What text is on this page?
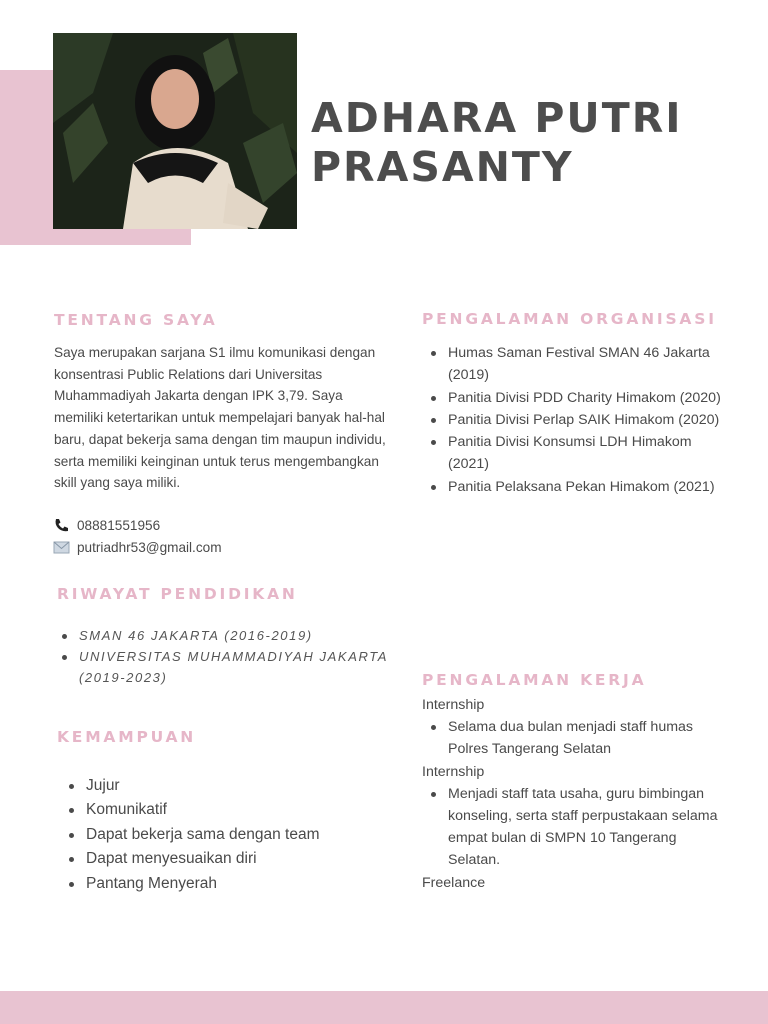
ADHARA PUTRI
PRASANTY
TENTANG SAYA

Saya merupakan sarjana S1 ilmu komunikasi dengan konsentrasi Public Relations dari Universitas Muhammadiyah Jakarta dengan IPK 3,79. Saya memiliki ketertarikan untuk mempelajari banyak hal-hal baru, dapat bekerja sama dengan tim maupun individu, serta memiliki keinginan untuk terus mengembangkan skill yang saya miliki.

08881551956
putriadhr53@gmail.com
RIWAYAT PENDIDIKAN
SMAN 46 JAKARTA (2016-2019)
UNIVERSITAS MUHAMMADIYAH JAKARTA (2019-2023)
KEMAMPUAN
Jujur
Komunikatif
Dapat bekerja sama dengan team
Dapat menyesuaikan diri
Pantang Menyerah
PENGALAMAN ORGANISASI
Humas Saman Festival SMAN 46 Jakarta (2019)
Panitia Divisi PDD Charity Himakom (2020)
Panitia Divisi Perlap SAIK Himakom (2020)
Panitia Divisi Konsumsi LDH Himakom (2021)
Panitia Pelaksana Pekan Himakom (2021)
PENGALAMAN KERJA
Internship
Selama dua bulan menjadi staff humas Polres Tangerang Selatan
Internship
Menjadi staff tata usaha, guru bimbingan konseling, serta staff perpustakaan selama empat bulan di SMPN 10 Tangerang Selatan.
Freelance
